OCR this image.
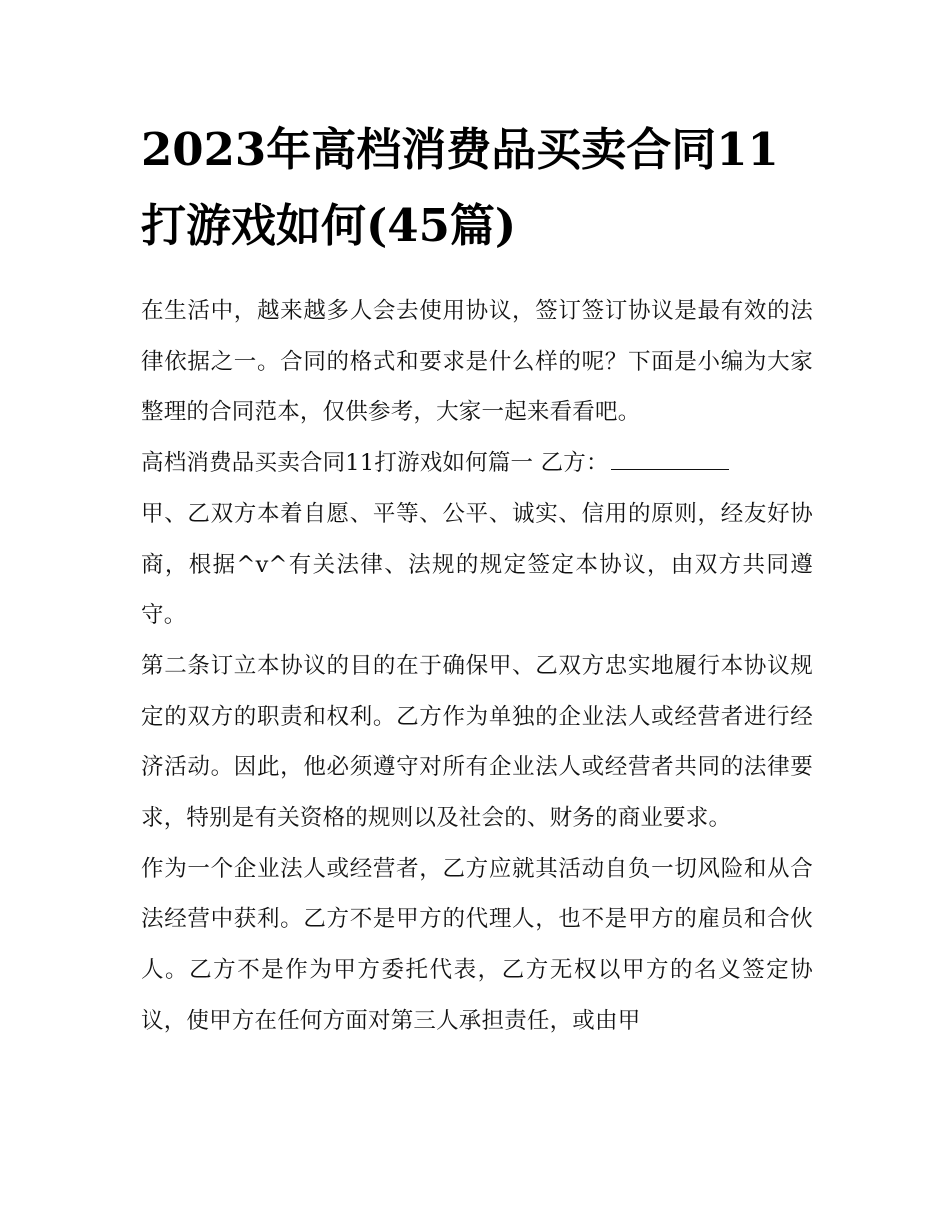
2023年高档消费品买卖合同11打游戏如何(45篇)

在生活中，越来越多人会去使用协议，签订签订协议是最有效的法律依据之一。合同的格式和要求是什么样的呢？下面是小编为大家整理的合同范本，仅供参考，大家一起来看看吧。

高档消费品买卖合同11打游戏如何篇一 乙方：

甲、乙双方本着自愿、平等、公平、诚实、信用的原则，经友好协商，根据^v^有关法律、法规的规定签定本协议，由双方共同遵守。

第二条订立本协议的目的在于确保甲、乙双方忠实地履行本协议规定的双方的职责和权利。乙方作为单独的企业法人或经营者进行经济活动。因此，他必须遵守对所有企业法人或经营者共同的法律要求，特别是有关资格的规则以及社会的、财务的商业要求。

作为一个企业法人或经营者，乙方应就其活动自负一切风险和从合法经营中获利。乙方不是甲方的代理人，也不是甲方的雇员和合伙人。乙方不是作为甲方委托代表，乙方无权以甲方的名义签定协议，使甲方在任何方面对第三人承担责任，或由甲
